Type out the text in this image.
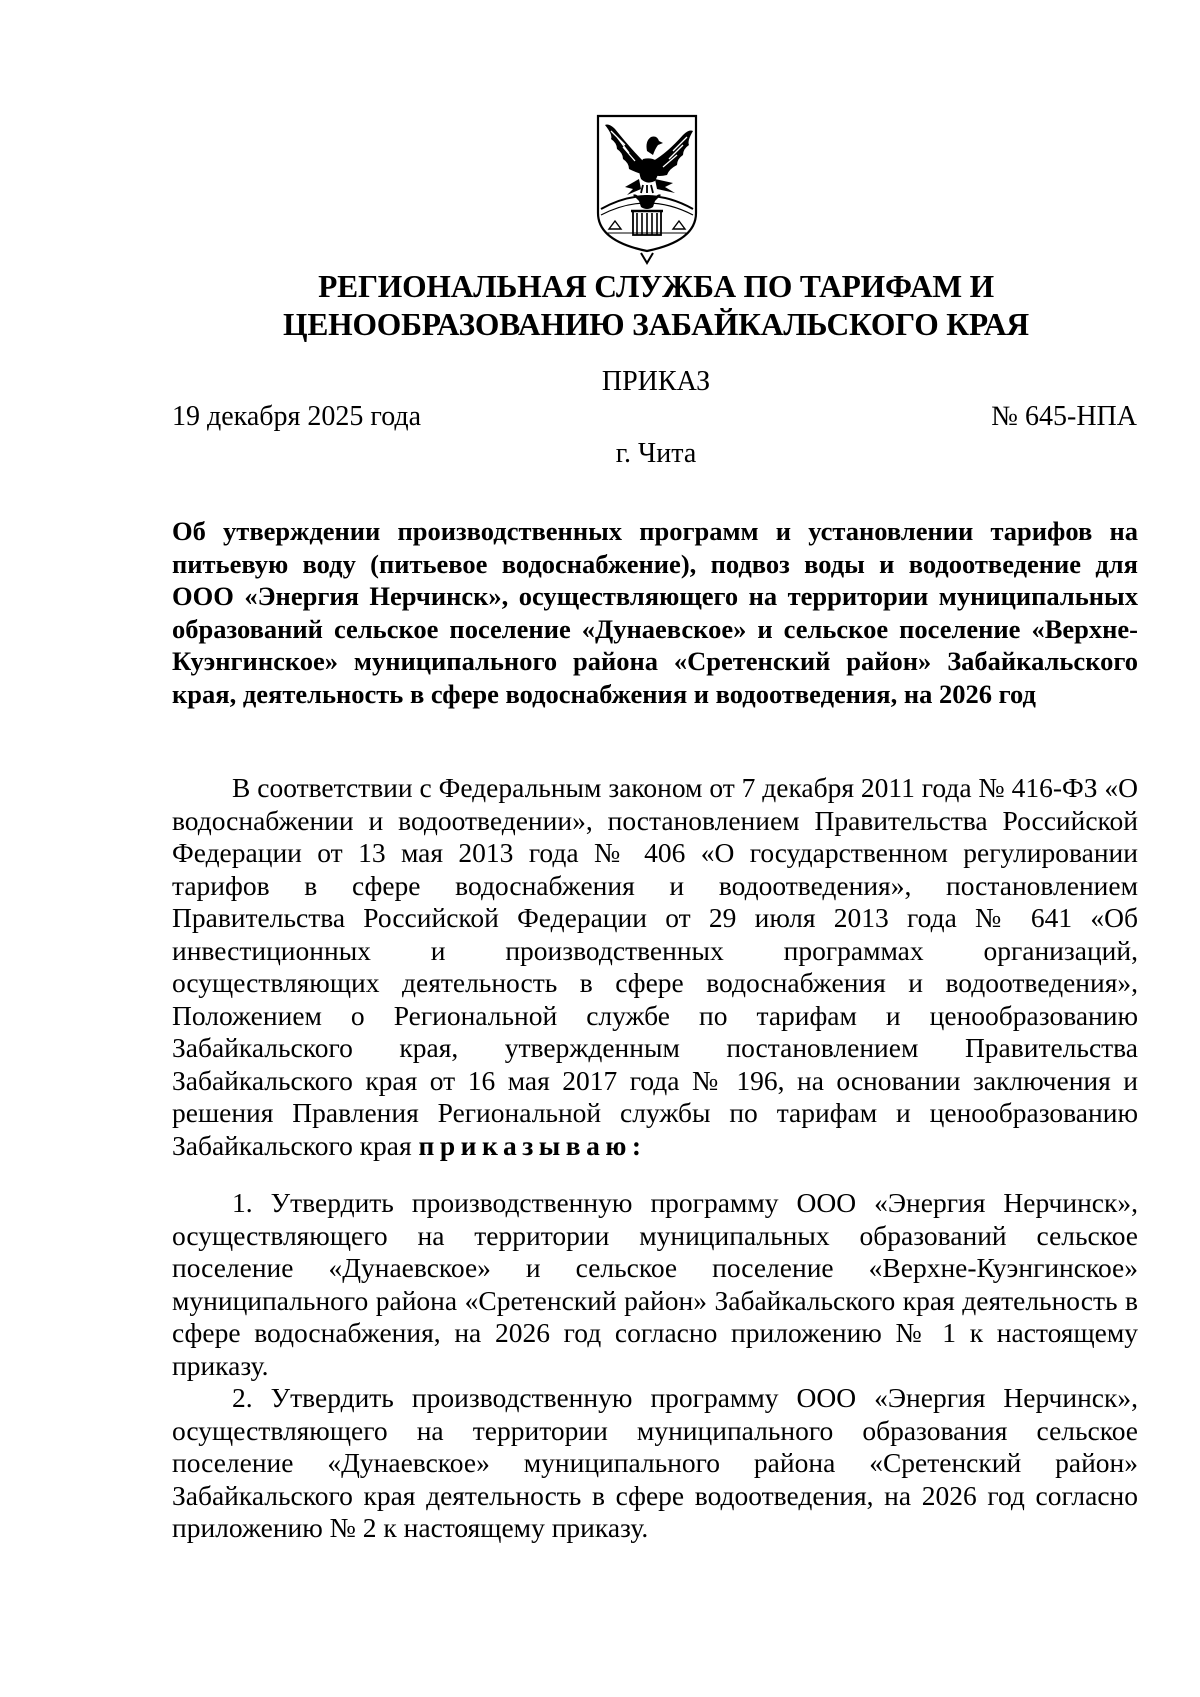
РЕГИОНАЛЬНАЯ СЛУЖБА ПО ТАРИФАМ И
ЦЕНООБРАЗОВАНИЮ ЗАБАЙКАЛЬСКОГО КРАЯ
ПРИКАЗ
19 декабря 2025 года	№ 645-НПА
г. Чита
Об утверждении производственных программ и установлении тарифов на питьевую воду (питьевое водоснабжение), подвоз воды и водоотведение для ООО «Энергия Нерчинск», осуществляющего на территории муниципальных образований сельское поселение «Дунаевское» и сельское поселение «Верхне-Куэнгинское» муниципального района «Сретенский район» Забайкальского края, деятельность в сфере водоснабжения и водоотведения, на 2026 год
В соответствии с Федеральным законом от 7 декабря 2011 года № 416-ФЗ «О водоснабжении и водоотведении», постановлением Правительства Российской Федерации от 13 мая 2013 года № 406 «О государственном регулировании тарифов в сфере водоснабжения и водоотведения», постановлением Правительства Российской Федерации от 29 июля 2013 года № 641 «Об инвестиционных и производственных программах организаций, осуществляющих деятельность в сфере водоснабжения и водоотведения», Положением о Региональной службе по тарифам и ценообразованию Забайкальского края, утвержденным постановлением Правительства Забайкальского края от 16 мая 2017 года № 196, на основании заключения и решения Правления Региональной службы по тарифам и ценообразованию Забайкальского края приказываю:
1. Утвердить производственную программу ООО «Энергия Нерчинск», осуществляющего на территории муниципальных образований сельское поселение «Дунаевское» и сельское поселение «Верхне-Куэнгинское» муниципального района «Сретенский район» Забайкальского края деятельность в сфере водоснабжения, на 2026 год согласно приложению № 1 к настоящему приказу.
2. Утвердить производственную программу ООО «Энергия Нерчинск», осуществляющего на территории муниципального образования сельское поселение «Дунаевское» муниципального района «Сретенский район» Забайкальского края деятельность в сфере водоотведения, на 2026 год согласно приложению № 2 к настоящему приказу.
